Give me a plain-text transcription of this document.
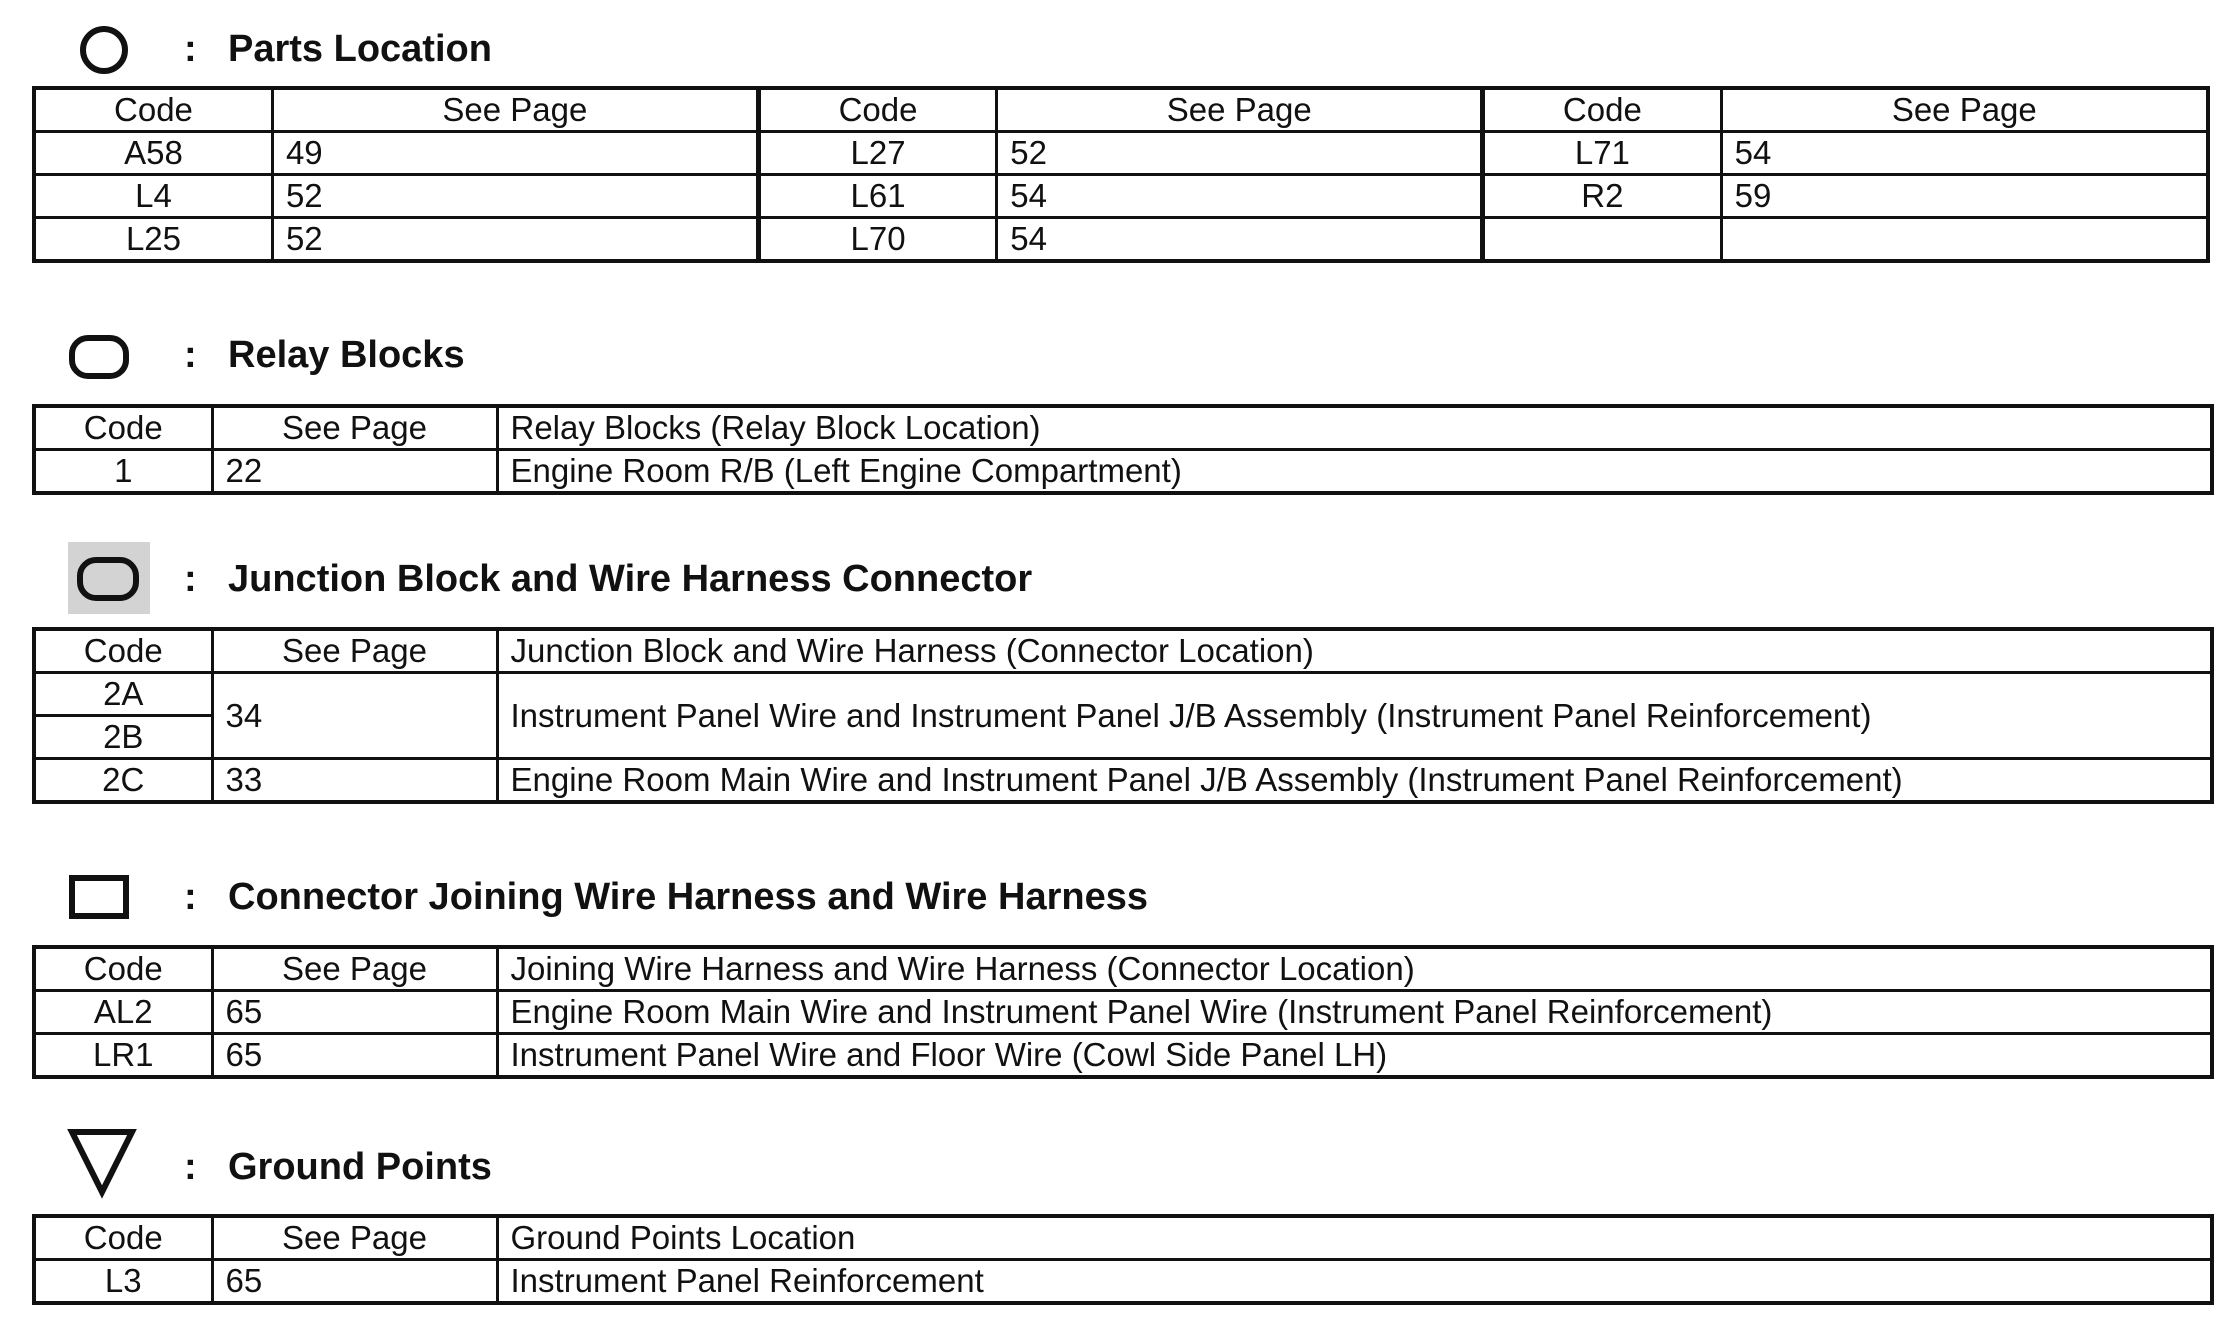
: Parts Location
Code	See Page	Code	See Page	Code	See Page
A58	49	L27	52	L71	54
L4	52	L61	54	R2	59
L25	52	L70	54		
: Relay Blocks
Code	See Page	Relay Blocks (Relay Block Location)
1	22	Engine Room R/B (Left Engine Compartment)
: Junction Block and Wire Harness Connector
Code	See Page	Junction Block and Wire Harness (Connector Location)
2A	34	Instrument Panel Wire and Instrument Panel J/B Assembly (Instrument Panel Reinforcement)
2B		
2C	33	Engine Room Main Wire and Instrument Panel J/B Assembly (Instrument Panel Reinforcement)
: Connector Joining Wire Harness and Wire Harness
Code	See Page	Joining Wire Harness and Wire Harness (Connector Location)
AL2	65	Engine Room Main Wire and Instrument Panel Wire (Instrument Panel Reinforcement)
LR1	65	Instrument Panel Wire and Floor Wire (Cowl Side Panel LH)
: Ground Points
Code	See Page	Ground Points Location
L3	65	Instrument Panel Reinforcement
